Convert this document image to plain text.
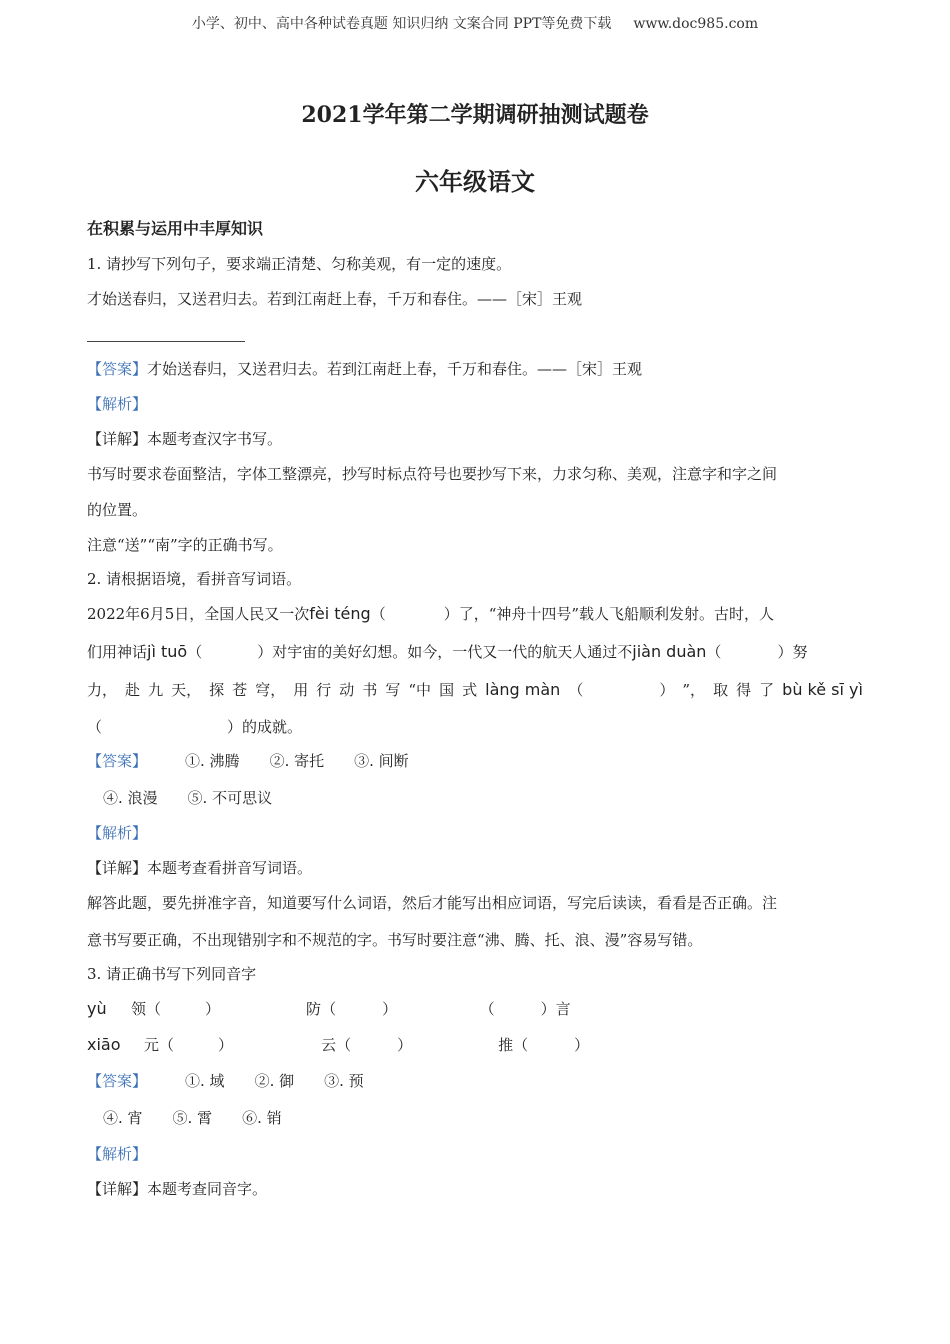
小学、初中、高中各种试卷真题 知识归纳 文案合同 PPT等免费下载 www.doc985.com
2021学年第二学期调研抽测试题卷
六年级语文
在积累与运用中丰厚知识
1. 请抄写下列句子，要求端正清楚、匀称美观，有一定的速度。
才始送春归，又送君归去。若到江南赶上春，千万和春住。——［宋］王观
【答案】才始送春归，又送君归去。若到江南赶上春，千万和春住。——［宋］王观
【解析】
【详解】本题考查汉字书写。
书写时要求卷面整洁，字体工整漂亮，抄写时标点符号也要抄写下来，力求匀称、美观，注意字和字之间
的位置。
注意“送”“南”字的正确书写。
2. 请根据语境，看拼音写词语。
2022年6月5日，全国人民又一次fèi téng（	）了，“神舟十四号”载人飞船顺利发射。古时，人
们用神话jì tuō（	）对宇宙的美好幻想。如今，一代又一代的航天人通过不jiàn duàn（	）努
力， 赴 九 天， 探 苍 穹， 用 行 动 书 写 “中 国 式 làng màn （	） ”， 取 得 了 bù kě sī yì
（	）的成就。
【答案】	①. 沸腾 ②. 寄托 ③. 间断
④. 浪漫 ⑤. 不可思议
【解析】
【详解】本题考查看拼音写词语。
解答此题，要先拼准字音，知道要写什么词语，然后才能写出相应词语，写完后读读，看看是否正确。注
意书写要正确，不出现错别字和不规范的字。书写时要注意“沸、腾、托、浪、漫”容易写错。
3. 请正确书写下列同音字
yù 领（	）	防（	）	（	）言
xiāo 元（	）	云（	）	推（	）
【答案】	①. 域 ②. 御 ③. 预
④. 宵 ⑤. 霄 ⑥. 销
【解析】
【详解】本题考查同音字。
